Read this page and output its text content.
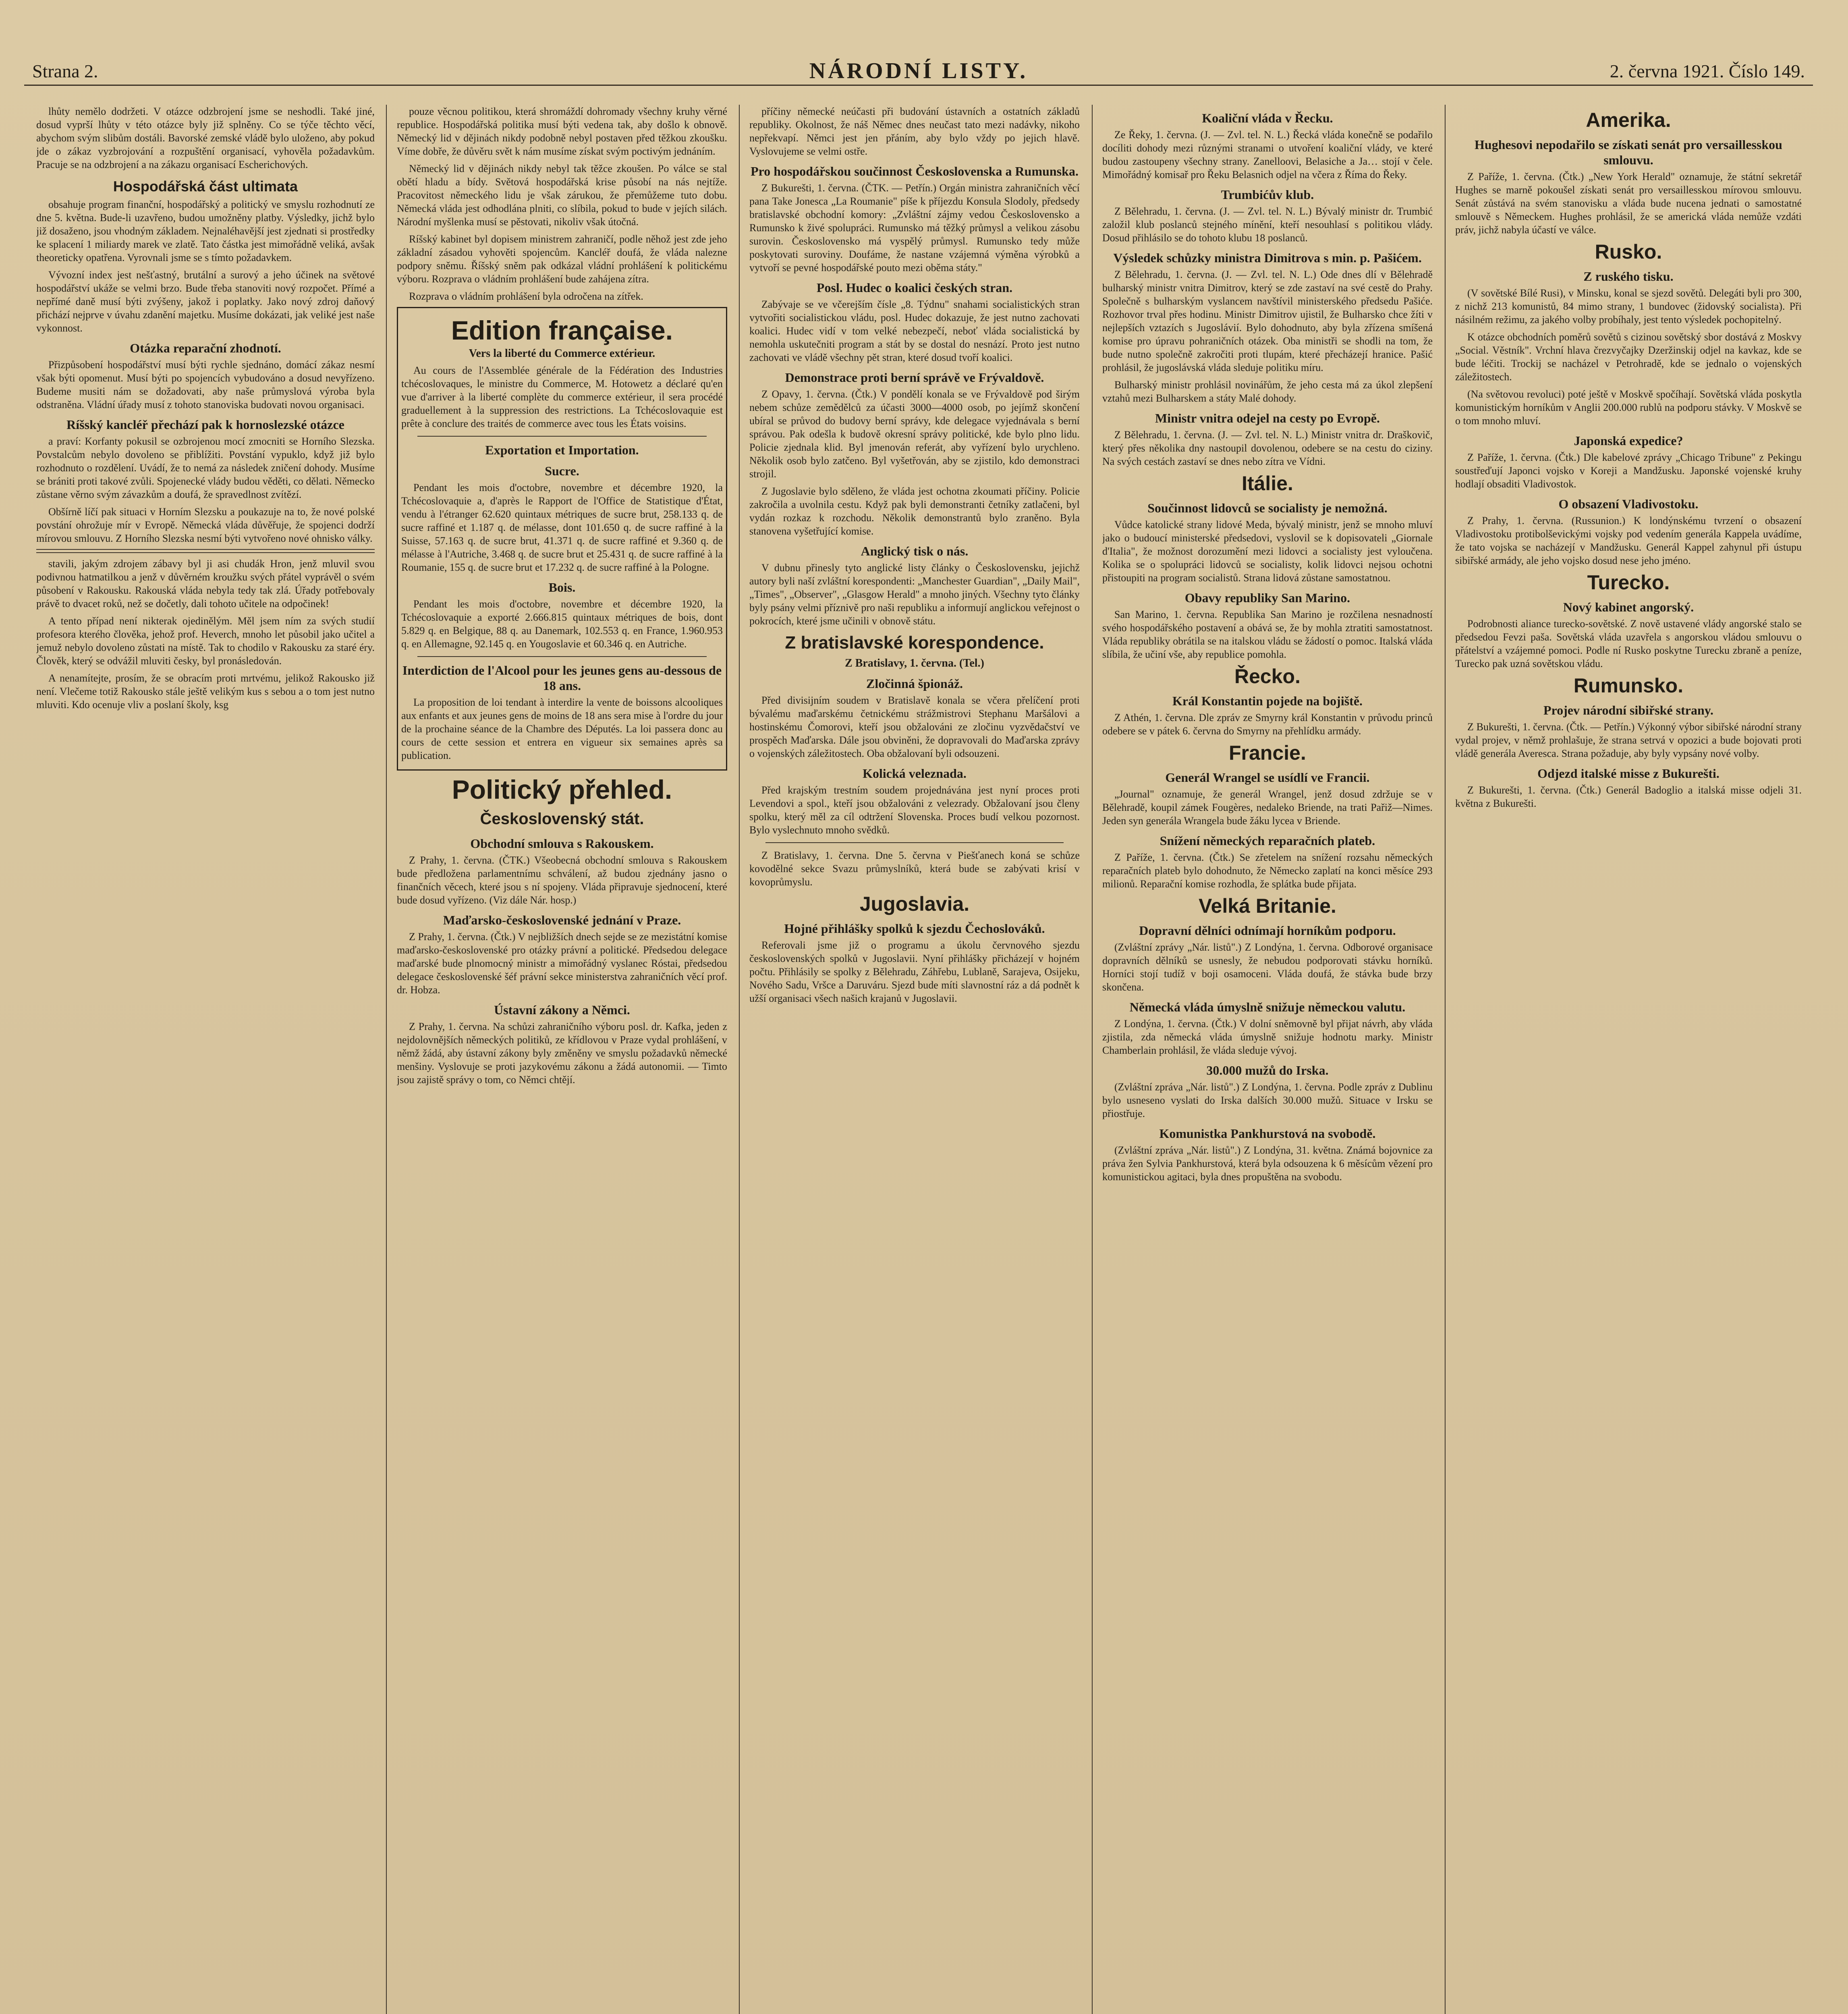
Strana 2.	NÁRODNÍ LISTY.	2. června 1921. Číslo 149.

lhůty nemělo dodržeti. V otázce odzbrojení jsme se neshodli. Také jiné, dosud vyprší lhůty v této otázce byly již splněny. Co se týče těchto věcí, abychom svým slibům dostáli. Bavorské zemské vládě bylo uloženo, aby pokud jde o zákaz vyzbrojování a rozpuštění organisací, vyhověla požadavkům. Pracuje se na odzbrojení a na zákazu organisací Escherichových.

Hospodářská část ultimata

obsahuje program finanční, hospodářský a politický ve smyslu rozhodnutí ze dne 5. května. Bude-li uzavřeno, budou umožněny platby. Výsledky, jichž bylo již dosaženo, jsou vhodným základem. Nejnaléhavější jest zjednati si prostředky ke splacení 1 miliardy marek ve zlatě. Tato částka jest mimořádně veliká, avšak theoreticky opatřena. Vyrovnali jsme se s tímto požadavkem.

Vývozní index jest nešťastný, brutální a surový a jeho účinek na světové hospodářství ukáže se velmi brzo. Bude třeba stanoviti nový rozpočet. Přímé a nepřímé daně musí býti zvýšeny, jakož i poplatky. Jako nový zdroj daňový přichází nejprve v úvahu zdanění majetku. Musíme dokázati, jak veliké jest naše vykonnost.

Otázka reparační zhodnotí.

Přizpůsobení hospodářství musí býti rychle sjednáno, domácí zákaz nesmí však býti opomenut. Musí býti po spojencích vybudováno a dosud nevyřízeno. Budeme musiti nám se dožadovati, aby naše průmyslová výroba byla odstraněna. Vládní úřady musí z tohoto stanoviska budovati novou organisaci.

Ríšský kancléř přechází pak k hornoslezské otázce

a praví: Korfanty pokusil se ozbrojenou mocí zmocniti se Horního Slezska. Povstalcům nebylo dovoleno se přiblížiti. Povstání vypuklo, když již bylo rozhodnuto o rozdělení. Uvádí, že to nemá za následek zničení dohody. Musíme se brániti proti takové zvůli. Spojenecké vlády budou věděti, co dělati. Německo zůstane věrno svým závazkům a doufá, že spravedlnost zvítězí.

Obšírně líčí pak situaci v Horním Slezsku a poukazuje na to, že nové polské povstání ohrožuje mír v Evropě. Německá vláda důvěřuje, že spojenci dodrží mírovou smlouvu. Z Horního Slezska nesmí býti vytvořeno nové ohnisko války.

stavili, jakým zdrojem zábavy byl ji asi chudák Hron, jenž mluvil svou podivnou hatmatilkou a jenž v důvěrném kroužku svých přátel vyprávěl o svém působení v Rakousku. Rakouská vláda nebyla tedy tak zlá. Úřady potřebovaly právě to dvacet roků, než se dočetly, dali tohoto učitele na odpočinek!

A tento případ není nikterak ojedinělým. Měl jsem ním za svých studií profesora kterého člověka, jehož prof. Heverch, mnoho let působil jako učitel a jemuž nebylo dovoleno zůstati na místě. Tak to chodilo v Rakousku za staré éry. Člověk, který se odvážil mluviti česky, byl pronásledován.

A nenamítejte, prosím, že se obracím proti mrtvému, jelikož Rakousko již není. Vlečeme totiž Rakousko stále ještě velikým kus s sebou a o tom jest nutno mluviti. Kdo ocenuje vliv a poslaní školy, ksg

pouze věcnou politikou, která shromáždí dohromady všechny kruhy věrné republice. Hospodářská politika musí býti vedena tak, aby došlo k obnově. Německý lid v dějinách nikdy podobně nebyl postaven před těžkou zkoušku. Víme dobře, že důvěru svět k nám musíme získat svým poctivým jednáním.

Německý lid v dějinách nikdy nebyl tak těžce zkoušen. Po válce se stal obětí hladu a bídy. Světová hospodářská krise působí na nás nejtíže. Pracovitost německého lidu je však zárukou, že přemůžeme tuto dobu. Německá vláda jest odhodlána plniti, co slíbila, pokud to bude v jejích silách. Národní myšlenka musí se pěstovati, nikoliv však útočná.

Ríšský kabinet byl dopisem ministrem zahraničí, podle něhož jest zde jeho základní zásadou vyhověti spojencům. Kancléř doufá, že vláda nalezne podpory sněmu. Říšský sněm pak odkázal vládní prohlášení k politickému výboru. Rozprava o vládním prohlášení bude zahájena zítra.

Rozprava o vládním prohlášení byla odročena na zítřek.

Edition française.
Vers la liberté du Commerce extérieur.

Au cours de l'Assemblée générale de la Fédération des Industries tchécoslovaques, le ministre du Commerce, M. Hotowetz a déclaré qu'en vue d'arriver à la liberté complète du commerce extérieur, il sera procédé graduellement à la suppression des restrictions. La Tchécoslovaquie est prête à conclure des traités de commerce avec tous les États voisins.

Exportation et Importation.
Sucre.

Pendant les mois d'octobre, novembre et décembre 1920, la Tchécoslovaquie a, d'après le Rapport de l'Office de Statistique d'État, vendu à l'étranger 62.620 quintaux métriques de sucre brut, 258.133 q. de sucre raffiné et 1.187 q. de mélasse, dont 101.650 q. de sucre raffiné à la Suisse, 57.163 q. de sucre brut, 41.371 q. de sucre raffiné et 9.360 q. de mélasse à l'Autriche, 3.468 q. de sucre brut et 25.431 q. de sucre raffiné à la Roumanie, 155 q. de sucre brut et 17.232 q. de sucre raffiné à la Pologne.

Bois.

Pendant les mois d'octobre, novembre et décembre 1920, la Tchécoslovaquie a exporté 2.666.815 quintaux métriques de bois, dont 5.829 q. en Belgique, 88 q. au Danemark, 102.553 q. en France, 1.960.953 q. en Allemagne, 92.145 q. en Yougoslavie et 60.346 q. en Autriche.

Interdiction de l'Alcool pour les jeunes gens au-dessous de 18 ans.

La proposition de loi tendant à interdire la vente de boissons alcooliques aux enfants et aux jeunes gens de moins de 18 ans sera mise à l'ordre du jour de la prochaine séance de la Chambre des Députés. La loi passera donc au cours de cette session et entrera en vigueur six semaines après sa publication.

Politický přehled.
Československý stát.
Obchodní smlouva s Rakouskem.

Z Prahy, 1. června. (ČTK.) Všeobecná obchodní smlouva s Rakouskem bude předložena parlamentnímu schválení, až budou zjednány jasno o finančních věcech, které jsou s ní spojeny. Vláda připravuje sjednocení, které bude dosud vyřízeno. (Viz dále Nár. hosp.)

Maďarsko-československé jednání v Praze.

Z Prahy, 1. června. (Čtk.) V nejbližších dnech sejde se ze mezistátní komise maďarsko-československé pro otázky právní a politické. Předsedou delegace maďarské bude plnomocný ministr a mimořádný vyslanec Róstai, předsedou delegace československé šéf právní sekce ministerstva zahraničních věcí prof. dr. Hobza.

Ústavní zákony a Němci.

Z Prahy, 1. června. Na schůzi zahraničního výboru posl. dr. Kafka, jeden z nejdolovnějších německých politiků, ze křídlovou v Praze vydal prohlášení, v němž žádá, aby ústavní zákony byly změněny ve smyslu požadavků německé menšiny. Vyslovuje se proti jazykovému zákonu a žádá autonomii. — Timto jsou zajistě správy o tom, co Němci chtějí.

příčiny německé neúčasti při budování ústavních a ostatních základů republiky. Okolnost, že náš Němec dnes neučast tato mezi nadávky, nikoho nepřekvapí. Němci jest jen přáním, aby bylo vždy po jejich hlavě. Vyslovujeme se velmi ostře.

Pro hospodářskou součinnost Československa a Rumunska.

Z Bukurešti, 1. června. (ČTK. — Petřín.) Orgán ministra zahraničních věcí pana Take Jonesca „La Roumanie" píše k příjezdu Konsula Slodoly, předsedy bratislavské obchodní komory: „Zvláštní zájmy vedou Československo a Rumunsko k živé spolupráci. Rumunsko má těžký průmysl a velikou zásobu surovin. Československo má vyspělý průmysl. Rumunsko tedy může poskytovati suroviny. Doufáme, že nastane vzájemná výměna výrobků a vytvoří se pevné hospodářské pouto mezi oběma státy."

Posl. Hudec o koalici českých stran.

Zabývaje se ve včerejším čísle „8. Týdnu" snahami socialistických stran vytvořiti socialistickou vládu, posl. Hudec dokazuje, že jest nutno zachovati koalici. Hudec vidí v tom velké nebezpečí, neboť vláda socialistická by nemohla uskutečniti program a stát by se dostal do nesnází. Proto jest nutno zachovati ve vládě všechny pět stran, které dosud tvoří koalici.

Demonstrace proti berní správě ve Frývaldově.

Z Opavy, 1. června. (Čtk.) V pondělí konala se ve Frývaldově pod širým nebem schůze zemědělců za účasti 3000—4000 osob, po jejímž skončení ubíral se průvod do budovy berní správy, kde delegace vyjednávala s berní správou. Pak odešla k budově okresní správy politické, kde bylo plno lidu. Policie zjednala klid. Byl jmenován referát, aby vyřízení bylo urychleno. Několik osob bylo zatčeno. Byl vyšetřován, aby se zjistilo, kdo demonstraci strojil.

Z Jugoslavie bylo sděleno, že vláda jest ochotna zkoumati příčiny. Policie zakročila a uvolnila cestu. Když pak byli demonstranti četníky zatlačeni, byl vydán rozkaz k rozchodu. Několik demonstrantů bylo zraněno. Byla stanovena vyšetřující komise.

Anglický tisk o nás.

V dubnu přinesly tyto anglické listy články o Československu, jejichž autory byli naší zvláštní korespondenti: „Manchester Guardian", „Daily Mail", „Times", „Observer", „Glasgow Herald" a mnoho jiných. Všechny tyto články byly psány velmi příznivě pro naši republiku a informují anglickou veřejnost o pokrocích, které jsme učinili v obnově státu.

Z bratislavské korespondence.
Z Bratislavy, 1. června. (Tel.)
Zločinná špionáž.

Před divisijním soudem v Bratislavě konala se včera přelíčení proti bývalému maďarskému četnickému strážmistrovi Stephanu Maršálovi a hostinskému Čomorovi, kteří jsou obžalováni ze zločinu vyzvědačství ve prospěch Maďarska. Dále jsou obviněni, že dopravovali do Maďarska zprávy o vojenských záležitostech. Oba obžalovaní byli odsouzeni.

Kolická veleznada.

Před krajským trestním soudem projednávána jest nyní proces proti Levendovi a spol., kteří jsou obžalováni z velezrady. Obžalovaní jsou členy spolku, který měl za cíl odtržení Slovenska. Proces budí velkou pozornost. Bylo vyslechnuto mnoho svědků.

Z Bratislavy, 1. června. Dne 5. června v Piešťanech koná se schůze kovodělné sekce Svazu průmyslníků, která bude se zabývati krisí v kovoprůmyslu.

Jugoslavia.
Hojné přihlášky spolků k sjezdu Čechoslováků.

Referovali jsme již o programu a úkolu červnového sjezdu československých spolků v Jugoslavii. Nyní přihlášky přicházejí v hojném počtu. Přihlásily se spolky z Bělehradu, Záhřebu, Lublaně, Sarajeva, Osijeku, Nového Sadu, Vršce a Daruváru. Sjezd bude míti slavnostní ráz a dá podnět k užší organisaci všech našich krajanů v Jugoslavii.

Koaliční vláda v Řecku.

Ze Řeky, 1. června. (J. — Zvl. tel. N. L.) Řecká vláda konečně se podařilo docíliti dohody mezi různými stranami o utvoření koaliční vlády, ve které budou zastoupeny všechny strany. Zanelloovi, Belasiche a Ja… stojí v čele. Mimořádný komisař pro Řeku Belasnich odjel na včera z Říma do Řeky.

Trumbićův klub.

Z Bělehradu, 1. června. (J. — Zvl. tel. N. L.) Bývalý ministr dr. Trumbić založil klub poslanců stejného mínění, kteří nesouhlasí s politikou vlády. Dosud přihlásilo se do tohoto klubu 18 poslanců.

Výsledek schůzky ministra Dimitrova s min. p. Pašićem.

Z Bělehradu, 1. června. (J. — Zvl. tel. N. L.) Ode dnes dlí v Bělehradě bulharský ministr vnitra Dimitrov, který se zde zastaví na své cestě do Prahy. Společně s bulharským vyslancem navštívil ministerského předsedu Pašiće. Rozhovor trval přes hodinu. Ministr Dimitrov ujistil, že Bulharsko chce žíti v nejlepších vztazích s Jugoslávií. Bylo dohodnuto, aby byla zřízena smíšená komise pro úpravu pohraničních otázek. Oba ministři se shodli na tom, že bude nutno společně zakročiti proti tlupám, které přecházejí hranice. Pašić prohlásil, že jugoslávská vláda sleduje politiku míru.

Bulharský ministr prohlásil novinářům, že jeho cesta má za úkol zlepšení vztahů mezi Bulharskem a státy Malé dohody.

Ministr vnitra odejel na cesty po Evropě.

Z Bělehradu, 1. června. (J. — Zvl. tel. N. L.) Ministr vnitra dr. Draškovič, který přes několika dny nastoupil dovolenou, odebere se na cestu do ciziny. Na svých cestách zastaví se dnes nebo zítra ve Vídni.

Itálie.
Součinnost lidovců se socialisty je nemožná.

Vůdce katolické strany lidové Meda, bývalý ministr, jenž se mnoho mluví jako o budoucí ministerské předsedovi, vyslovil se k dopisovateli „Giornale d'Italia", že možnost dorozumění mezi lidovci a socialisty jest vyloučena. Kolika se o spolupráci lidovců se socialisty, kolik lidovci nejsou ochotni přistoupiti na program socialistů. Strana lidová zůstane samostatnou.

Obavy republiky San Marino.

San Marino, 1. června. Republika San Marino je rozčilena nesnadností svého hospodářského postavení a obává se, že by mohla ztratiti samostatnost. Vláda republiky obrátila se na italskou vládu se žádostí o pomoc. Italská vláda slíbila, že učiní vše, aby republice pomohla.

Řecko.
Král Konstantin pojede na bojiště.

Z Athén, 1. června. Dle zpráv ze Smyrny král Konstantin v průvodu princů odebere se v pátek 6. června do Smyrny na přehlídku armády.

Francie.
Generál Wrangel se usídlí ve Francii.

„Journal" oznamuje, že generál Wrangel, jenž dosud zdržuje se v Bělehradě, koupil zámek Fougères, nedaleko Briende, na trati Pařiž—Nimes. Jeden syn generála Wrangela bude žáku lycea v Briende.

Snížení německých reparačních plateb.

Z Paříže, 1. června. (Čtk.) Se zřetelem na snížení rozsahu německých reparačních plateb bylo dohodnuto, že Německo zaplatí na konci měsíce 293 milionů. Reparační komise rozhodla, že splátka bude přijata.

Velká Britanie.
Dopravní dělníci odnímají horníkům podporu.

(Zvláštní zprávy „Nár. listů".) Z Londýna, 1. června. Odborové organisace dopravních dělníků se usnesly, že nebudou podporovati stávku horníků. Horníci stojí tudíž v boji osamoceni. Vláda doufá, že stávka bude brzy skončena.

Německá vláda úmyslně snižuje německou valutu.

Z Londýna, 1. června. (Čtk.) V dolní sněmovně byl přijat návrh, aby vláda zjistila, zda německá vláda úmyslně snižuje hodnotu marky. Ministr Chamberlain prohlásil, že vláda sleduje vývoj.

30.000 mužů do Irska.

(Zvláštní zpráva „Nár. listů".) Z Londýna, 1. června. Podle zpráv z Dublinu bylo usneseno vyslati do Irska dalších 30.000 mužů. Situace v Irsku se přiostřuje.

Komunistka Pankhurstová na svobodě.

(Zvláštní zpráva „Nár. listů".) Z Londýna, 31. května. Známá bojovnice za práva žen Sylvia Pankhurstová, která byla odsouzena k 6 měsícům vězení pro komunistickou agitaci, byla dnes propuštěna na svobodu.

Amerika.
Hughesovi nepodařilo se získati senát pro versaillesskou smlouvu.

Z Paříže, 1. června. (Čtk.) „New York Herald" oznamuje, že státní sekretář Hughes se marně pokoušel získati senát pro versaillesskou mírovou smlouvu. Senát zůstává na svém stanovisku a vláda bude nucena jednati o samostatné smlouvě s Německem. Hughes prohlásil, že se americká vláda nemůže vzdáti práv, jichž nabyla účastí ve válce.

Rusko.
Z ruského tisku.

(V sovětské Bílé Rusi), v Minsku, konal se sjezd sovětů. Delegáti byli pro 300, z nichž 213 komunistů, 84 mimo strany, 1 bundovec (židovský socialista). Při násilném režimu, za jakého volby probíhaly, jest tento výsledek pochopitelný.

K otázce obchodních poměrů sovětů s cizinou sovětský sbor dostává z Moskvy „Social. Věstník". Vrchní hlava črezvyčajky Dzeržinskij odjel na kavkaz, kde se bude léčiti. Trockij se nacházel v Petrohradě, kde se jednalo o vojenských záležitostech.

(Na světovou revoluci) poté ještě v Moskvě spočíhají. Sovětská vláda poskytla komunistickým horníkům v Anglii 200.000 rublů na podporu stávky. V Moskvě se o tom mnoho mluví.

Japonská expedice?

Z Paříže, 1. června. (Čtk.) Dle kabelové zprávy „Chicago Tribune" z Pekingu soustřeďují Japonci vojsko v Koreji a Mandžusku. Japonské vojenské kruhy hodlají obsaditi Vladivostok.

O obsazení Vladivostoku.

Z Prahy, 1. června. (Russunion.) K londýnskému tvrzení o obsazení Vladivostoku protibolševickými vojsky pod vedením generála Kappela uvádíme, že tato vojska se nacházejí v Mandžusku. Generál Kappel zahynul při ústupu sibiřské armády, ale jeho vojsko dosud nese jeho jméno.

Turecko.
Nový kabinet angorský.

Podrobnosti aliance turecko-sovětské. Z nově ustavené vlády angorské stalo se předsedou Fevzi paša. Sovětská vláda uzavřela s angorskou vládou smlouvu o přátelství a vzájemné pomoci. Podle ní Rusko poskytne Turecku zbraně a peníze, Turecko pak uzná sovětskou vládu.

Rumunsko.
Projev národní sibiřské strany.

Z Bukurešti, 1. června. (Čtk. — Petřín.) Výkonný výbor sibiřské národní strany vydal projev, v němž prohlašuje, že strana setrvá v opozici a bude bojovati proti vládě generála Averesca. Strana požaduje, aby byly vypsány nové volby.

Odjezd italské misse z Bukurešti.

Z Bukurešti, 1. června. (Čtk.) Generál Badoglio a italská misse odjeli 31. května z Bukurešti.
